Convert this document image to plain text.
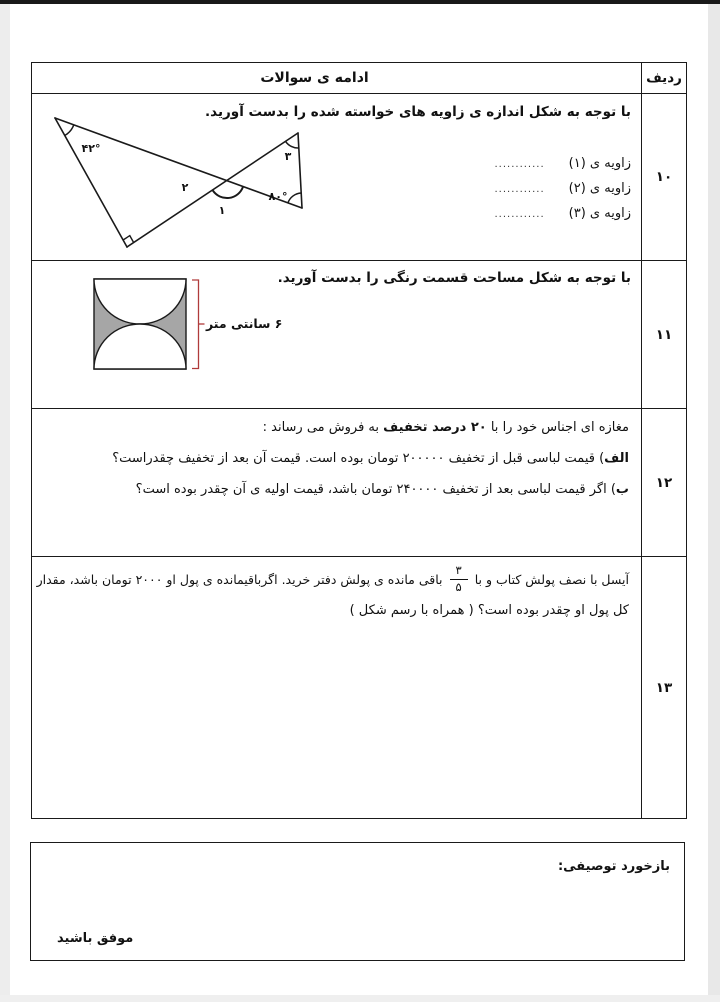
ادامه ی سوالات	ردیف
با توجه به شکل اندازه ی زاویه های خواسته شده را بدست آورید.
زاویه ی (۱)
............
زاویه ی (۲)
............
زاویه ی (۳)
............
۴۲°
۳
۸۰°
۲
۱
۱۰
با توجه به شکل مساحت قسمت رنگی را بدست آورید.
۶ سانتی متر
۱۱
مغازه ای اجناس خود را با ۲۰ درصد تخفیف به فروش می رساند :
الف) قیمت لباسی قبل از تخفیف ۲۰۰۰۰۰ تومان بوده است. قیمت آن بعد از تخفیف چقدراست؟
ب) اگر قیمت لباسی بعد از تخفیف ۲۴۰۰۰۰ تومان باشد، قیمت اولیه ی آن چقدر بوده است؟	۱۲
آیسل با نصف پولش کتاب و با
$\frac{۳}{۵}$
باقی مانده ی پولش دفتر خرید. اگرباقیمانده ی پول او ۲۰۰۰ تومان باشد، مقدار
کل پول او چقدر بوده است؟ ( همراه با رسم شکل )
۱۳
بازخورد توصیفی:
موفق باشید
